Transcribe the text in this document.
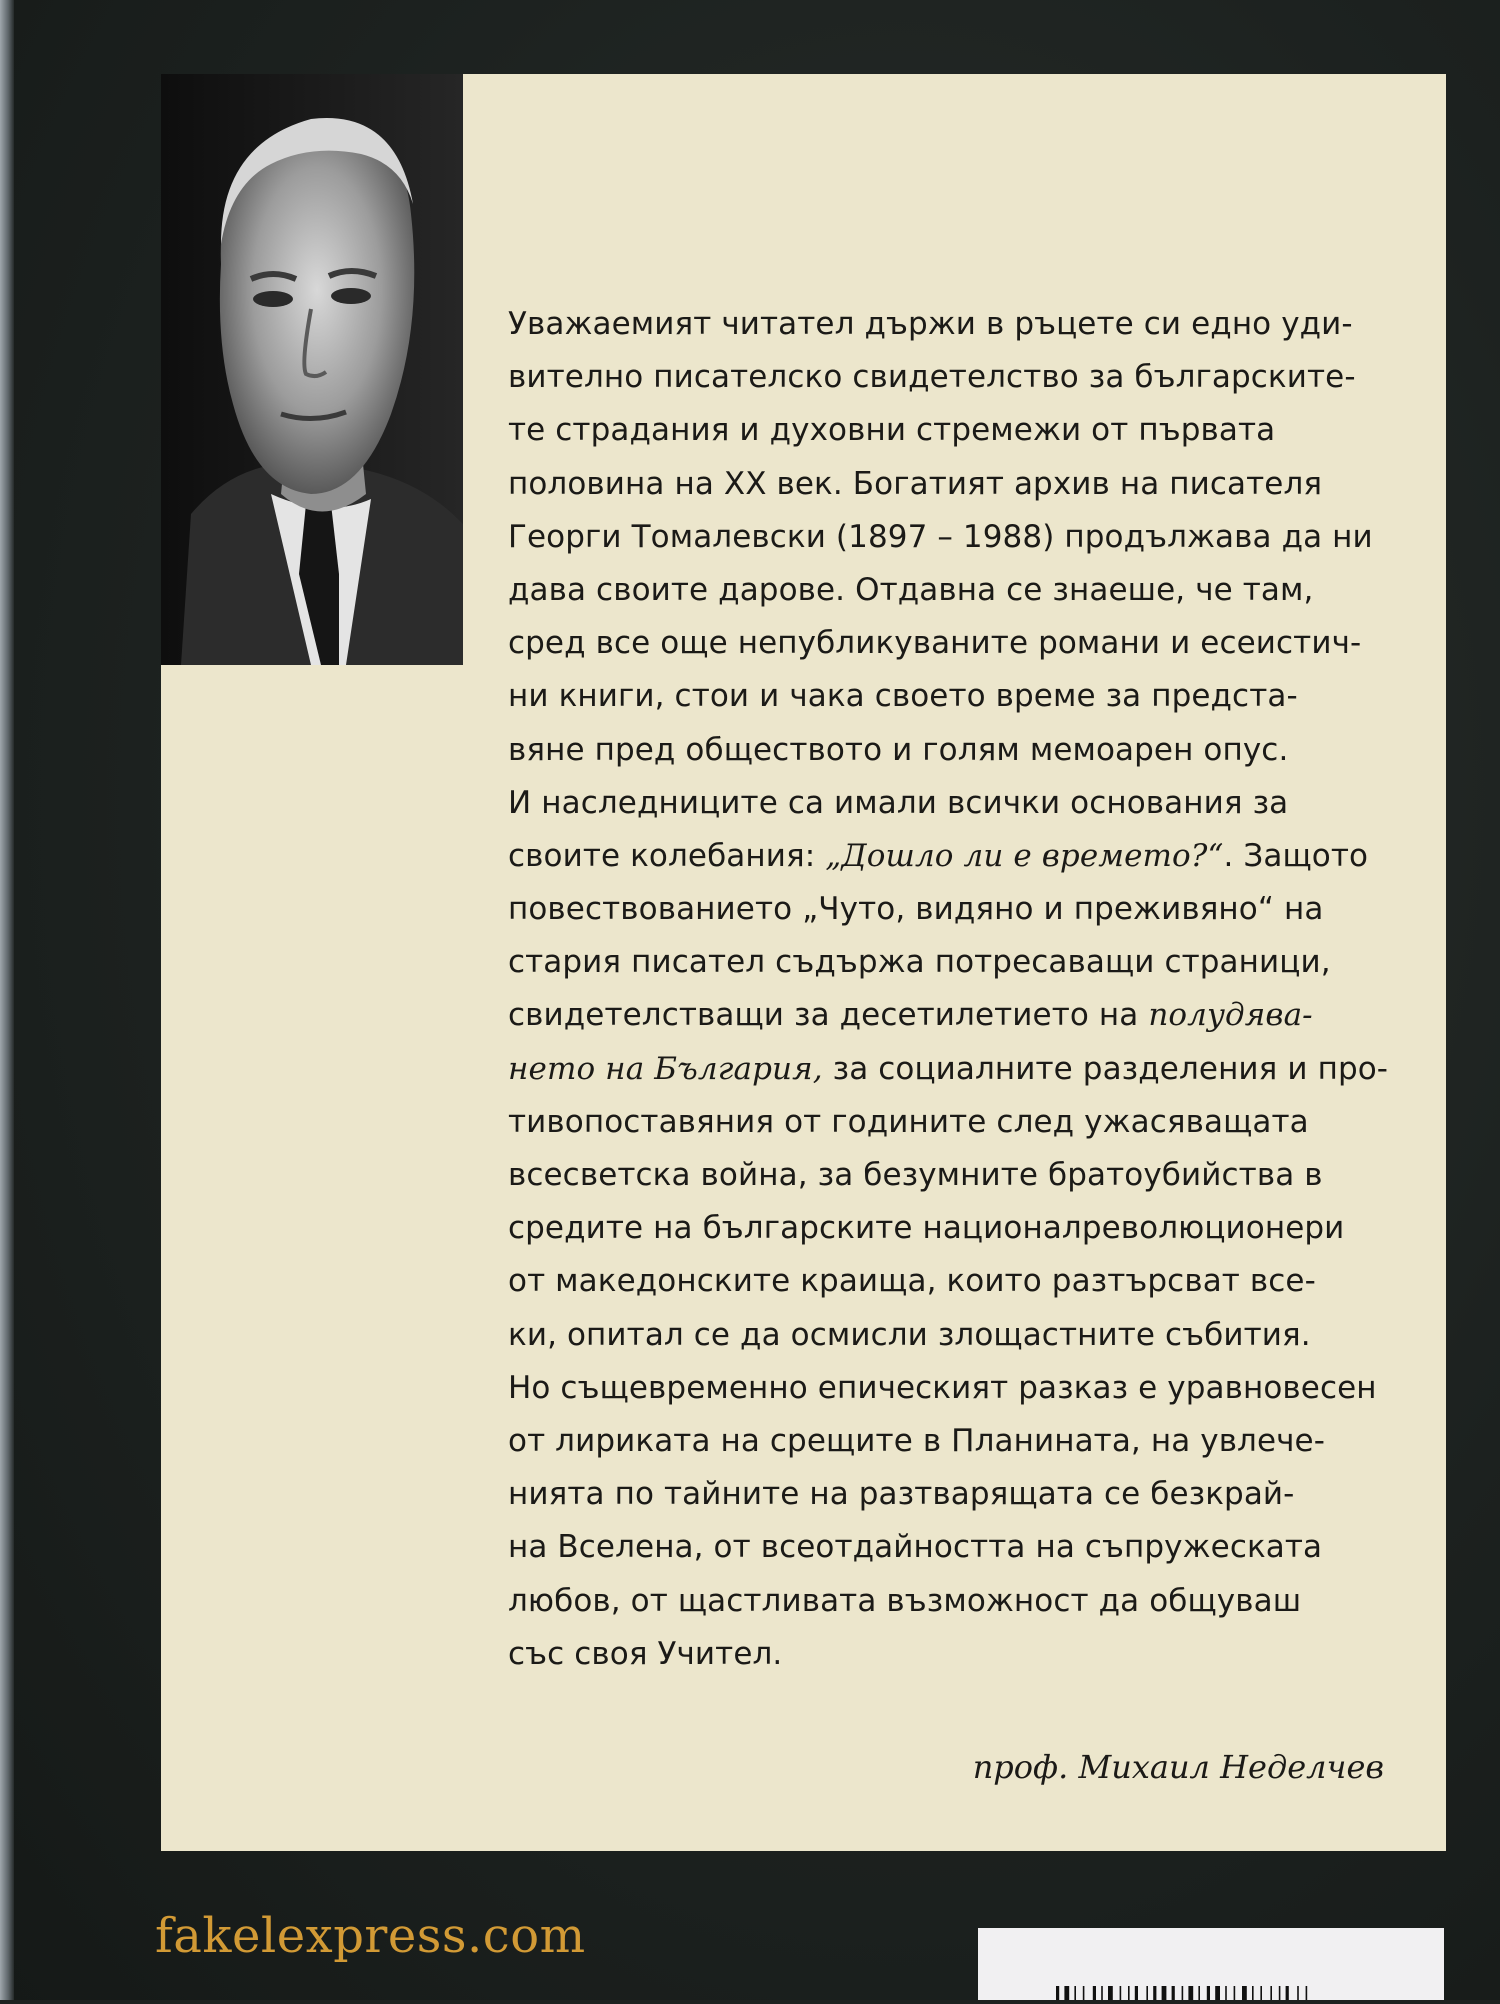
Уважаемият читател държи в ръцете си едно уди-
вително писателско свидетелство за българските-
те страдания и духовни стремежи от първата
половина на ХХ век. Богатият архив на писателя
Георги Томалевски (1897 – 1988) продължава да ни
дава своите дарове. Отдавна се знаеше, че там,
сред все още непубликуваните романи и есеистич-
ни книги, стои и чака своето време за предста-
вяне пред обществото и голям мемоарен опус.
И наследниците са имали всички основания за
своите колебания: „Дошло ли е времето?“. Защото
повествованието „Чуто, видяно и преживяно“ на
стария писател съдържа потресаващи страници,
свидетелстващи за десетилетието на полудява-
нето на България, за социалните разделения и про-
тивопоставяния от годините след ужасяващата
всесветска война, за безумните братоубийства в
средите на българските националреволюционери
от македонските краища, които разтърсват все-
ки, опитал се да осмисли злощастните събития.
Но същевременно епическият разказ е уравновесен
от лириката на срещите в Планината, на увлече-
нията по тайните на разтварящата се безкрай-
на Вселена, от всеотдайността на съпружеската
любов, от щастливата възможност да общуваш
със своя Учител.
проф. Михаил Неделчев
fakelexpress.com
